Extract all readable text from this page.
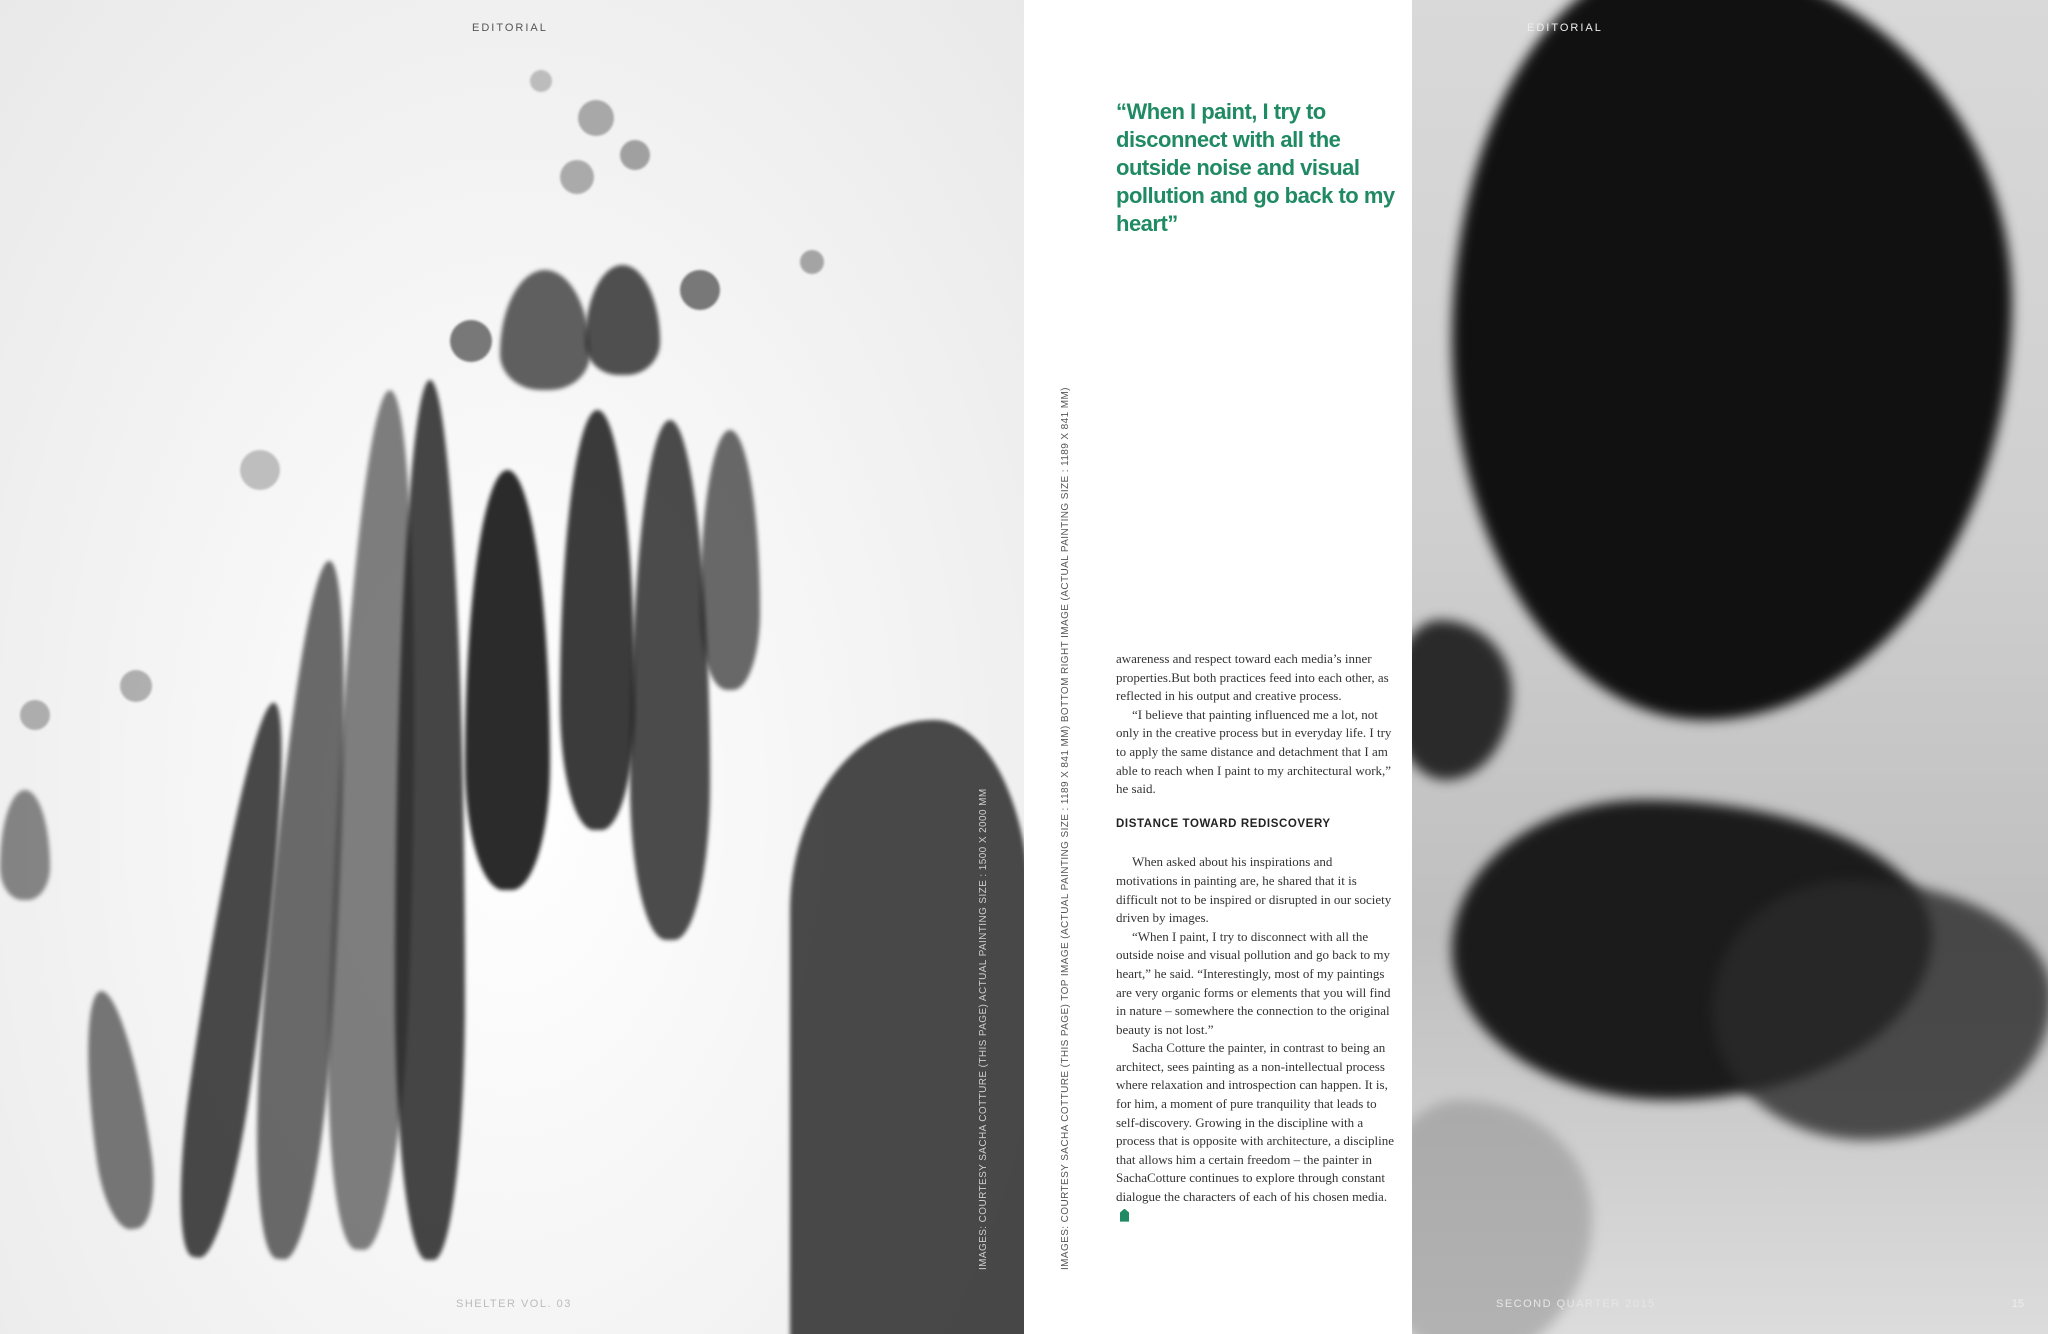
EDITORIAL
IMAGES: COURTESY SACHA COTTURE (THIS PAGE) ACTUAL PAINTING SIZE : 1500 X 2000 MM
SHELTER VOL. 03
IMAGES: COURTESY SACHA COTTURE (THIS PAGE) TOP IMAGE (ACTUAL PAINTING SIZE : 1189 X 841 MM) BOTTOM RIGHT IMAGE (ACTUAL PAINTING SIZE : 1189 X 841 MM)

“When I paint, I try to disconnect with all the outside noise and visual pollution and go back to my heart”

awareness and respect toward each media’s inner properties.But both practices feed into each other, as reflected in his output and creative process.

“I believe that painting influenced me a lot, not only in the creative process but in everyday life. I try to apply the same distance and detachment that I am able to reach when I paint to my architectural work,” he said.

DISTANCE TOWARD REDISCOVERY

When asked about his inspirations and motivations in painting are, he shared that it is difficult not to be inspired or disrupted in our society driven by images.

“When I paint, I try to disconnect with all the outside noise and visual pollution and go back to my heart,” he said. “Interestingly, most of my paintings are very organic forms or elements that you will find in nature – somewhere the connection to the original beauty is not lost.”

Sacha Cotture the painter, in contrast to being an architect, sees painting as a non-intellectual process where relaxation and introspection can happen. It is, for him, a moment of pure tranquility that leads to self-discovery. Growing in the discipline with a process that is opposite with architecture, a discipline that allows him a certain freedom – the painter in SachaCotture continues to explore through constant dialogue the characters of each of his chosen media.

EDITORIAL
SECOND QUARTER 2015	15
